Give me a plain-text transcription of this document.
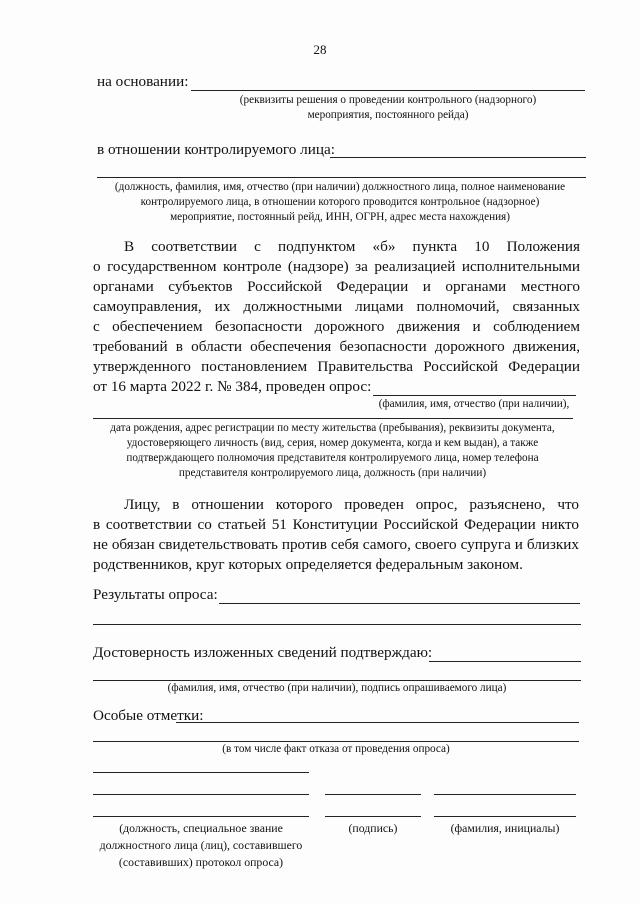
28
на основании:
(реквизиты решения о проведении контрольного (надзорного)
мероприятия, постоянного рейда)
в отношении контролируемого лица:
(должность, фамилия, имя, отчество (при наличии) должностного лица, полное наименование
контролируемого лица, в отношении которого проводится контрольное (надзорное)
мероприятие, постоянный рейд, ИНН, ОГРН, адрес места нахождения)
В соответствии с подпунктом «б» пункта 10 Положения
о государственном контроле (надзоре) за реализацией исполнительными
органами субъектов Российской Федерации и органами местного
самоуправления, их должностными лицами полномочий, связанных
с обеспечением безопасности дорожного движения и соблюдением
требований в области обеспечения безопасности дорожного движения,
утвержденного постановлением Правительства Российской Федерации
от 16 марта 2022 г. № 384, проведен опрос:
(фамилия, имя, отчество (при наличии),
дата рождения, адрес регистрации по месту жительства (пребывания), реквизиты документа,
удостоверяющего личность (вид, серия, номер документа, когда и кем выдан), а также
подтверждающего полномочия представителя контролируемого лица, номер телефона
представителя контролируемого лица, должность (при наличии)
Лицу, в отношении которого проведен опрос, разъяснено, что
в соответствии со статьей 51 Конституции Российской Федерации никто
не обязан свидетельствовать против себя самого, своего супруга и близких
родственников, круг которых определяется федеральным законом.
Результаты опроса:
Достоверность изложенных сведений подтверждаю:
(фамилия, имя, отчество (при наличии), подпись опрашиваемого лица)
Особые отметки:
(в том числе факт отказа от проведения опроса)
(должность, специальное звание
должностного лица (лиц), составившего
(составивших) протокол опроса)
(подпись)	(фамилия, инициалы)
